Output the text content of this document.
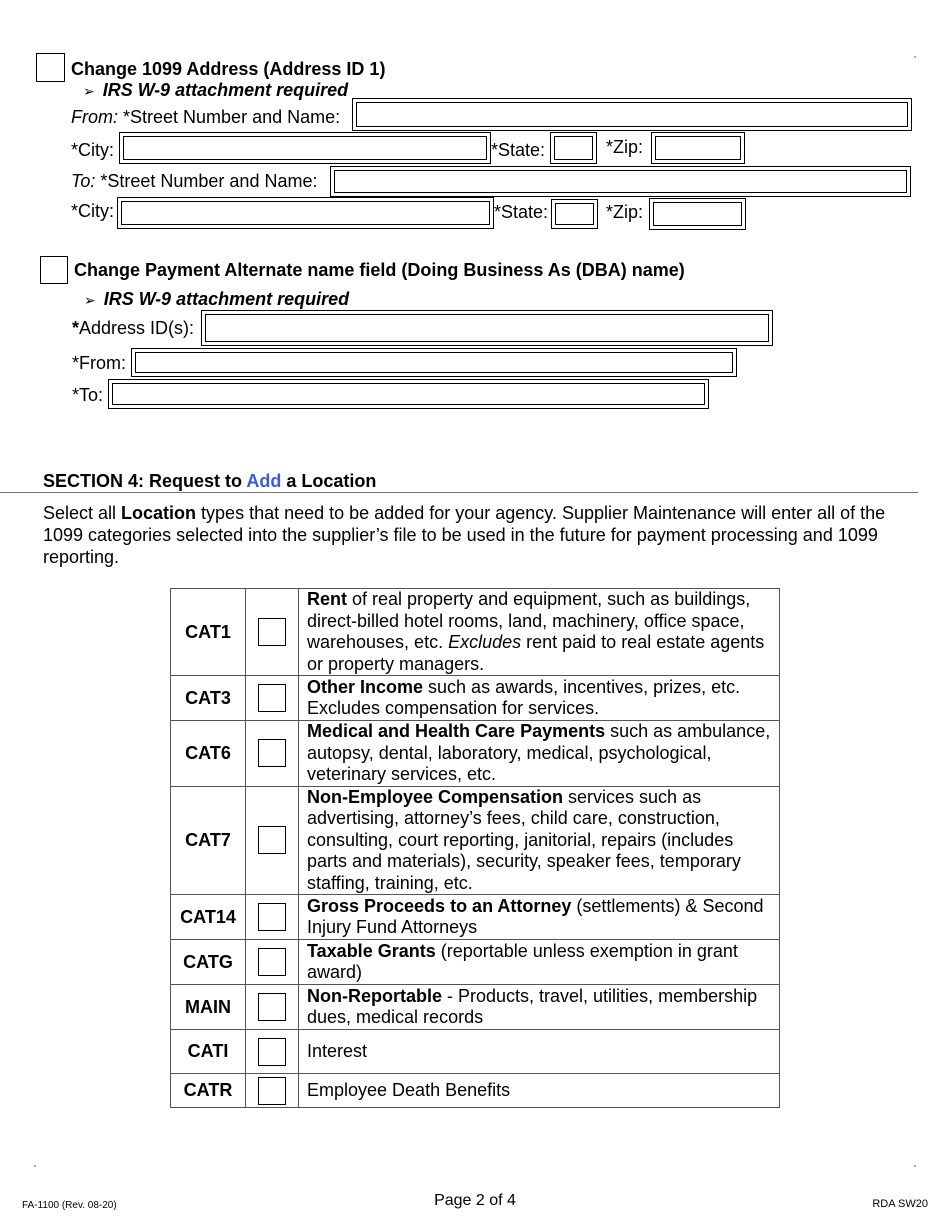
Change 1099 Address (Address ID 1)
➢ IRS W-9 attachment required
From: *Street Number and Name:
*City:	*State:	*Zip:
To: *Street Number and Name:
*City:	*State:	*Zip:
Change Payment Alternate name field (Doing Business As (DBA) name)
➢ IRS W-9 attachment required
*Address ID(s):
*From:
*To:
SECTION 4: Request to Add a Location
Select all Location types that need to be added for your agency. Supplier Maintenance will enter all of the 1099 categories selected into the supplier’s file to be used in the future for payment processing and 1099 reporting.
CAT1		Rent of real property and equipment, such as buildings, direct-billed hotel rooms, land, machinery, office space, warehouses, etc. Excludes rent paid to real estate agents or property managers.
CAT3		Other Income such as awards, incentives, prizes, etc. Excludes compensation for services.
CAT6		Medical and Health Care Payments such as ambulance, autopsy, dental, laboratory, medical, psychological, veterinary services, etc.
CAT7		Non-Employee Compensation services such as advertising, attorney’s fees, child care, construction, consulting, court reporting, janitorial, repairs (includes parts and materials), security, speaker fees, temporary staffing, training, etc.
CAT14		Gross Proceeds to an Attorney (settlements) & Second Injury Fund Attorneys
CATG		Taxable Grants (reportable unless exemption in grant award)
MAIN		Non-Reportable - Products, travel, utilities, membership dues, medical records
CATI		Interest
CATR		Employee Death Benefits
FA-1100 (Rev. 08-20)	Page 2 of 4	RDA SW20
